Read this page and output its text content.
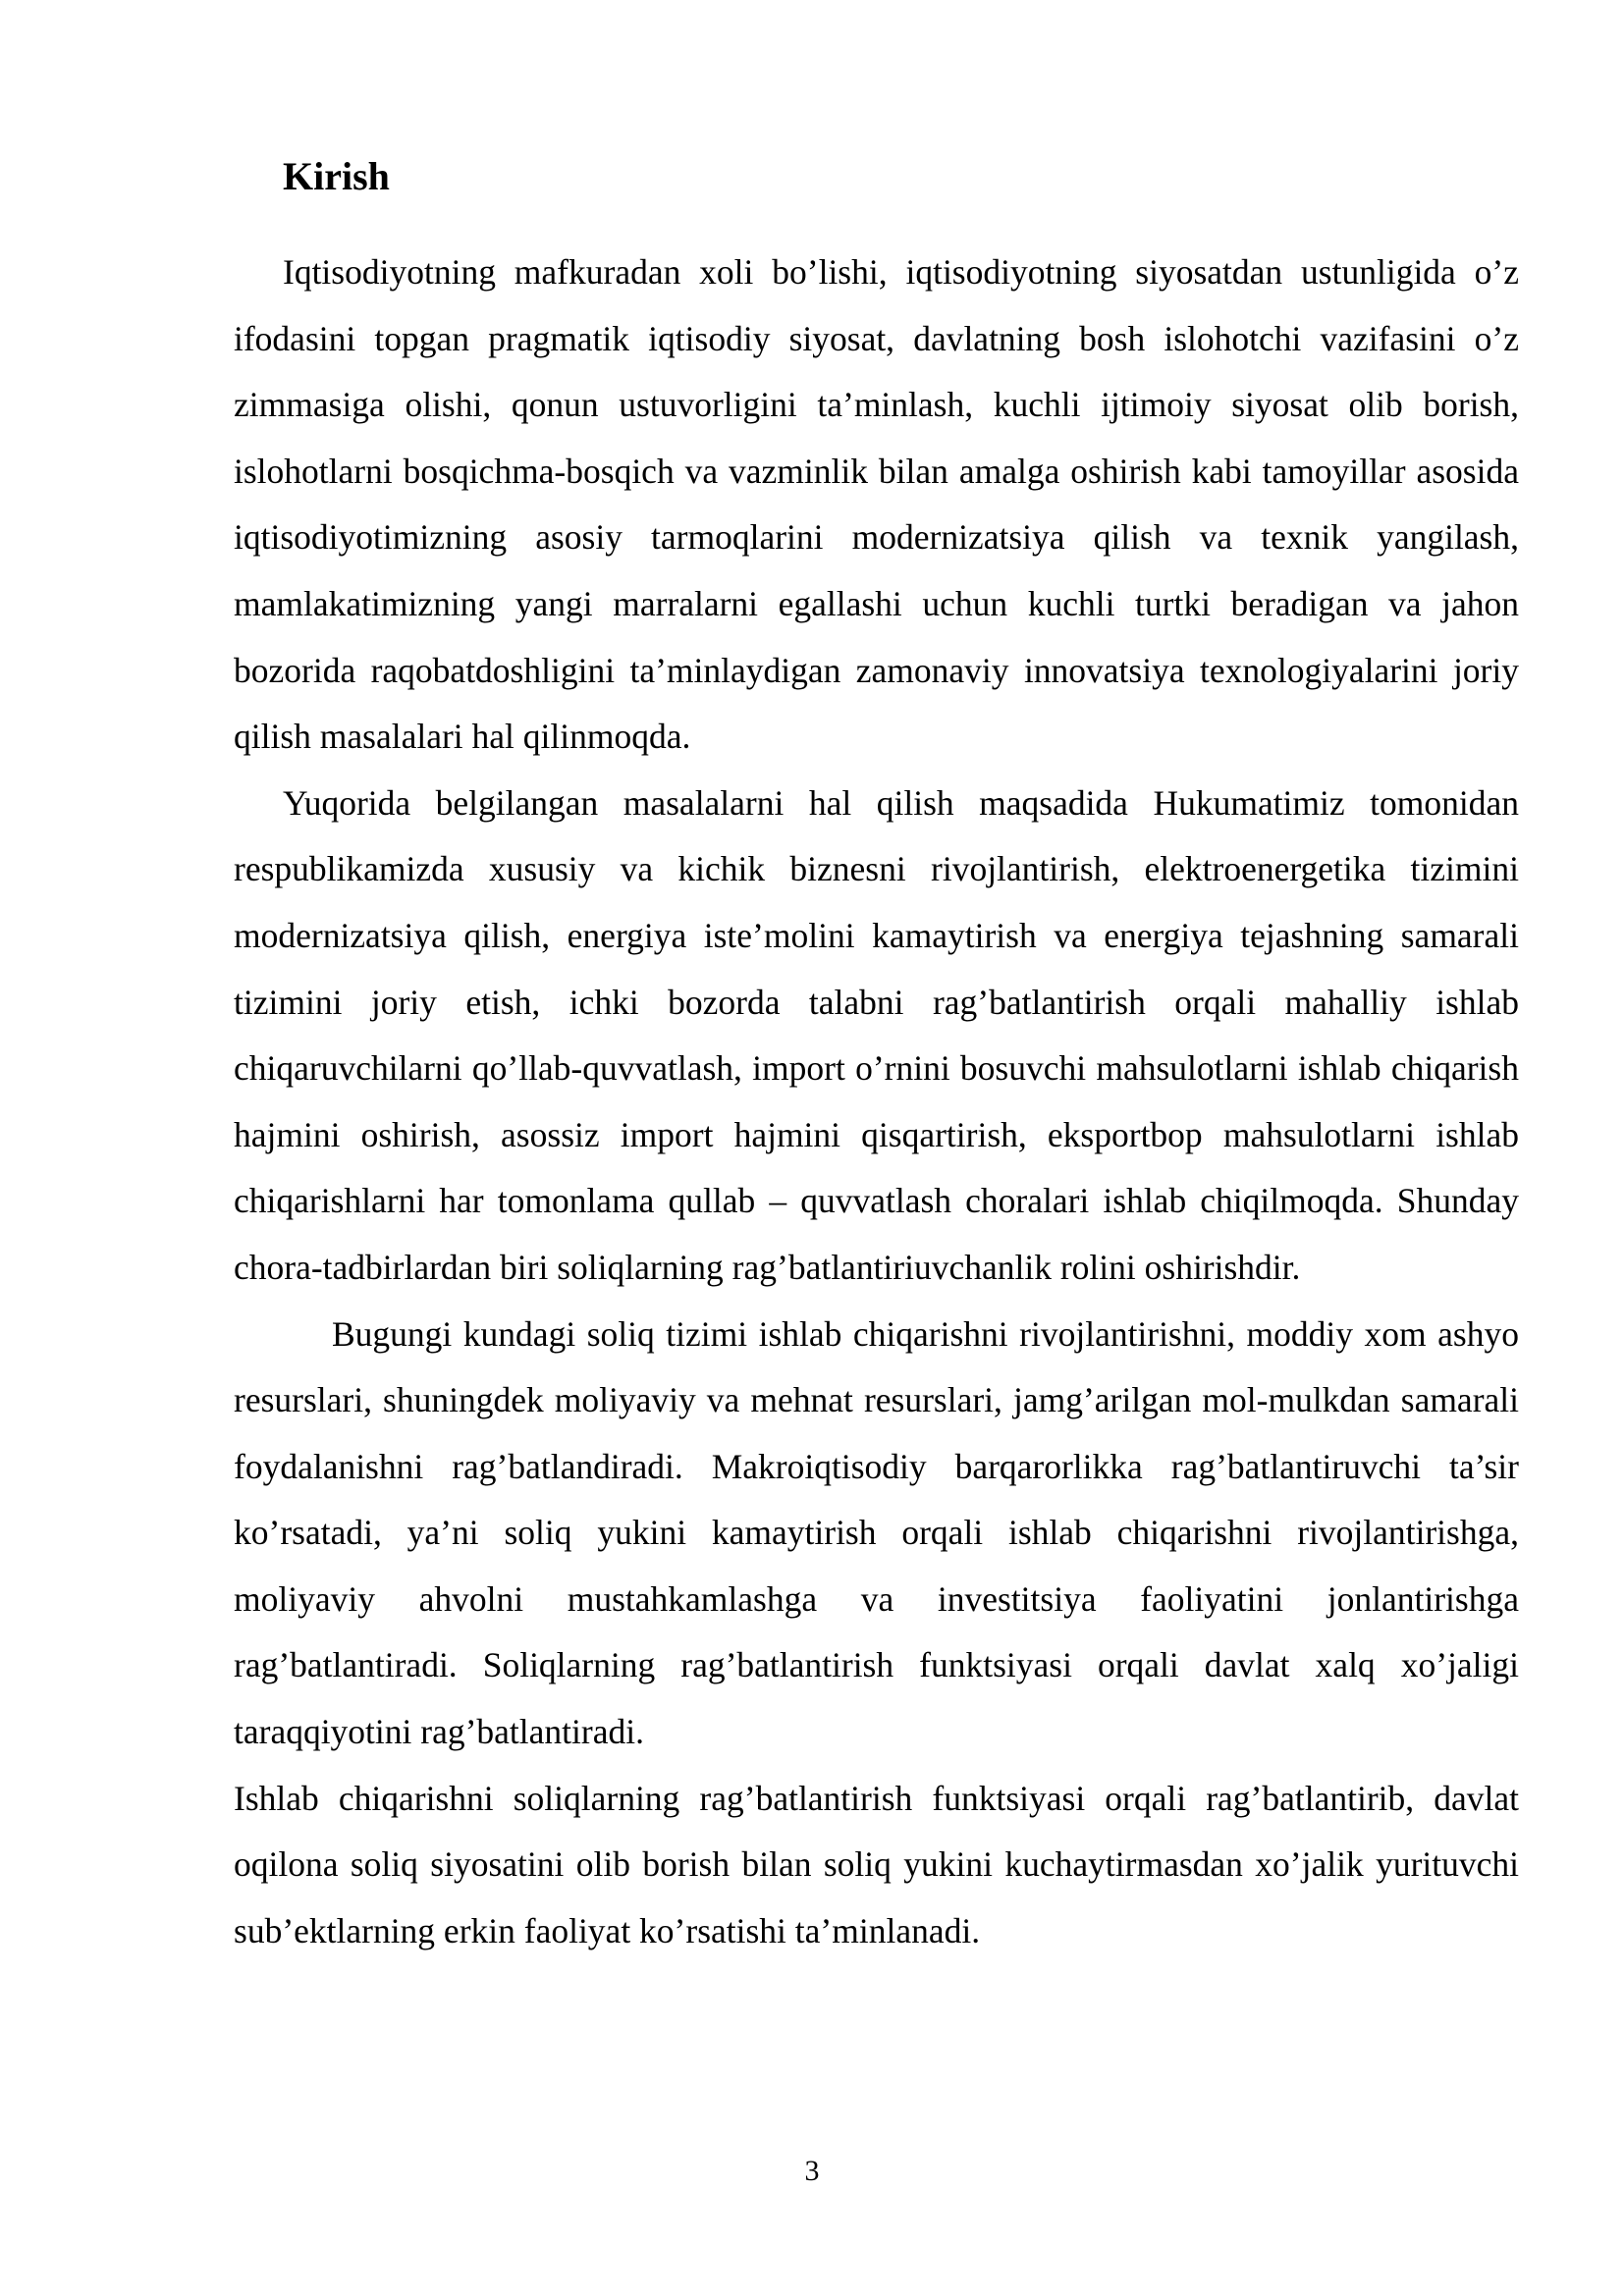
Kirish

Iqtisodiyotning mafkuradan xoli bo’lishi, iqtisodiyotning siyosatdan ustunligida o’z ifodasini topgan pragmatik iqtisodiy siyosat, davlatning bosh islohotchi vazifasini o’z zimmasiga olishi, qonun ustuvorligini ta’minlash, kuchli ijtimoiy siyosat olib borish, islohotlarni bosqichma-bosqich va vazminlik bilan amalga oshirish kabi tamoyillar asosida iqtisodiyotimizning asosiy tarmoqlarini modernizatsiya qilish va texnik yangilash, mamlakatimizning yangi marralarni egallashi uchun kuchli turtki beradigan va jahon bozorida raqobatdoshligini ta’minlaydigan zamonaviy innovatsiya texnologiyalarini joriy qilish masalalari hal qilinmoqda.

Yuqorida belgilangan masalalarni hal qilish maqsadida Hukumatimiz tomonidan respublikamizda xususiy va kichik biznesni rivojlantirish, elektroenergetika tizimini modernizatsiya qilish, energiya iste’molini kamaytirish va energiya tejashning samarali tizimini joriy etish, ichki bozorda talabni rag’batlantirish orqali mahalliy ishlab chiqaruvchilarni qo’llab-quvvatlash, import o’rnini bosuvchi mahsulotlarni ishlab chiqarish hajmini oshirish, asossiz import hajmini qisqartirish, eksportbop mahsulotlarni ishlab chiqarishlarni har tomonlama qullab – quvvatlash choralari ishlab chiqilmoqda. Shunday chora-tadbirlardan biri soliqlarning rag’batlantiriuvchanlik rolini oshirishdir.

Bugungi kundagi soliq tizimi ishlab chiqarishni rivojlantirishni, moddiy xom ashyo resurslari, shuningdek moliyaviy va mehnat resurslari, jamg’arilgan mol-mulkdan samarali foydalanishni rag’batlandiradi. Makroiqtisodiy barqarorlikka rag’batlantiruvchi ta’sir ko’rsatadi, ya’ni soliq yukini kamaytirish orqali ishlab chiqarishni rivojlantirishga, moliyaviy ahvolni mustahkamlashga va investitsiya faoliyatini jonlantirishga rag’batlantiradi. Soliqlarning rag’batlantirish funktsiyasi orqali davlat xalq xo’jaligi taraqqiyotini rag’batlantiradi.

Ishlab chiqarishni soliqlarning rag’batlantirish funktsiyasi orqali rag’batlantirib, davlat oqilona soliq siyosatini olib borish bilan soliq yukini kuchaytirmasdan xo’jalik yurituvchi sub’ektlarning erkin faoliyat ko’rsatishi ta’minlanadi.

3
